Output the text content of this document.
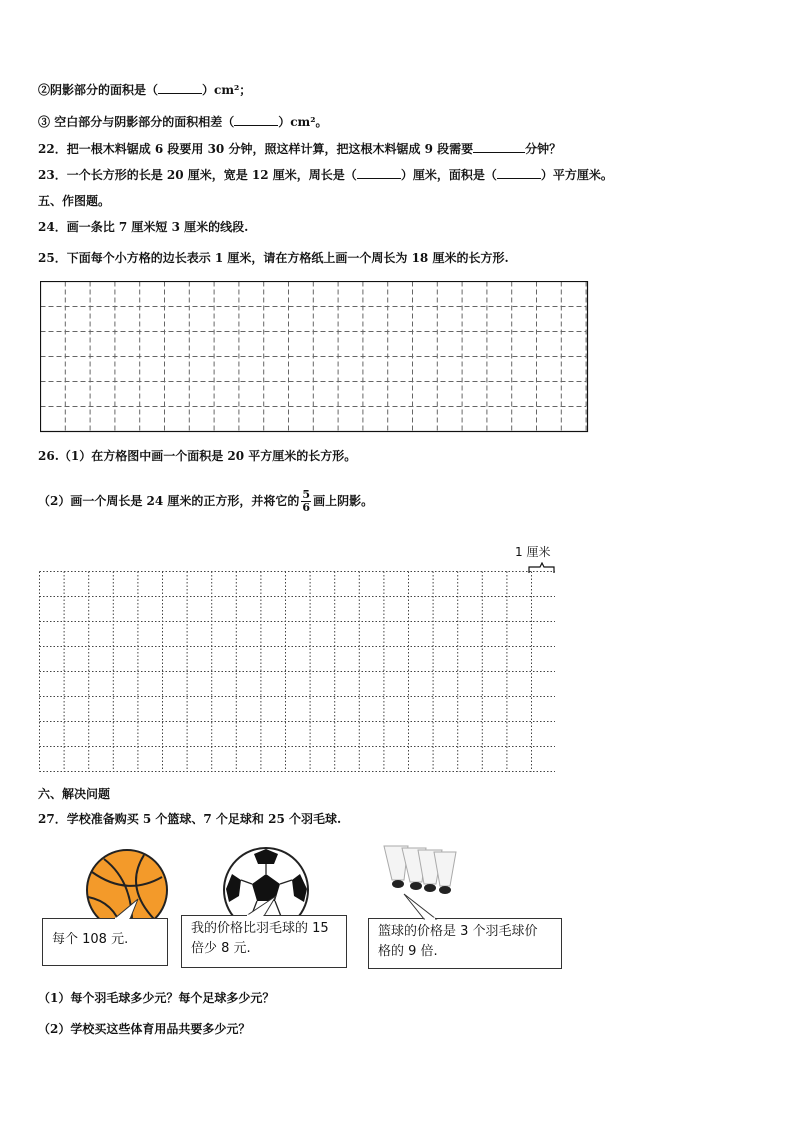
②阴影部分的面积是（	）cm²；
③ 空白部分与阴影部分的面积相差（	）cm²。
22．把一根木料锯成 6 段要用 30 分钟，照这样计算，把这根木料锯成 9 段需要	分钟？
23．一个长方形的长是 20 厘米，宽是 12 厘米，周长是（	）厘米，面积是（	）平方厘米。
五、作图题。
24．画一条比 7 厘米短 3 厘米的线段.
25．下面每个小方格的边长表示 1 厘米，请在方格纸上画一个周长为 18 厘米的长方形.
26.（1）在方格图中画一个面积是 20 平方厘米的长方形。
（2）画一个周长是 24 厘米的正方形，并将它的 $\frac{5}{6}$ 画上阴影。
1 厘米
六、解决问题
27．学校准备购买 5 个篮球、7 个足球和 25 个羽毛球.
每个 108 元.
我的价格比羽毛球的 15
倍少 8 元.
篮球的价格是 3 个羽毛球价
格的 9 倍.
（1）每个羽毛球多少元？每个足球多少元？
（2）学校买这些体育用品共要多少元？
